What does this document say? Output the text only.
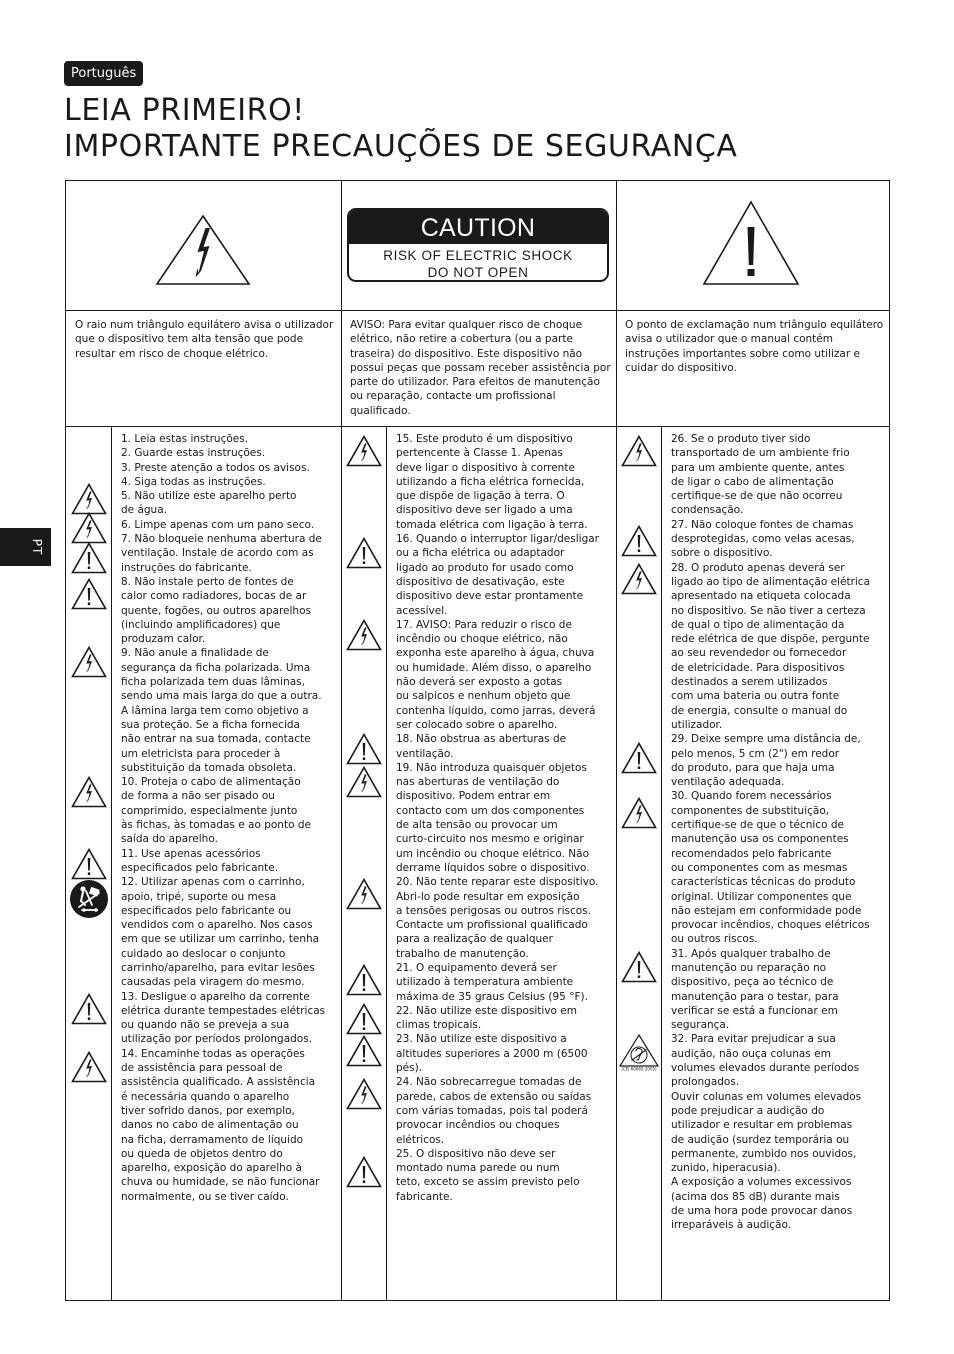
Português
LEIA PRIMEIRO!
IMPORTANTE PRECAUÇÕES DE SEGURANÇA
PT
CAUTION
RISK OF ELECTRIC SHOCK
DO NOT OPEN

O raio num triângulo equilátero avisa o utilizador que o dispositivo tem alta tensão que pode resultar em risco de choque elétrico.

AVISO: Para evitar qualquer risco de choque elétrico, não retire a cobertura (ou a parte traseira) do dispositivo. Este dispositivo não possui peças que possam receber assistência por parte do utilizador. Para efeitos de manutenção ou reparação, contacte um profissional qualificado.

O ponto de exclamação num triângulo equilátero avisa o utilizador que o manual contém instruções importantes sobre como utilizar e cuidar do dispositivo.

1. Leia estas instruções.
2. Guarde estas instruções.
3. Preste atenção a todos os avisos.
4. Siga todas as instruções.
5. Não utilize este aparelho perto
de água.
6. Limpe apenas com um pano seco.
7. Não bloqueie nenhuma abertura de
ventilação. Instale de acordo com as
instruções do fabricante.
8. Não instale perto de fontes de
calor como radiadores, bocas de ar
quente, fogões, ou outros aparelhos
(incluindo amplificadores) que
produzam calor.
9. Não anule a finalidade de
segurança da ficha polarizada. Uma
ficha polarizada tem duas lâminas,
sendo uma mais larga do que a outra.
A lâmina larga tem como objetivo a
sua proteção. Se a ficha fornecida
não entrar na sua tomada, contacte
um eletricista para proceder à
substituição da tomada obsoleta.
10. Proteja o cabo de alimentação
de forma a não ser pisado ou
comprimido, especialmente junto
às fichas, às tomadas e ao ponto de
saída do aparelho.
11. Use apenas acessórios
especificados pelo fabricante.
12. Utilizar apenas com o carrinho,
apoio, tripé, suporte ou mesa
especificados pelo fabricante ou
vendidos com o aparelho. Nos casos
em que se utilizar um carrinho, tenha
cuidado ao deslocar o conjunto
carrinho/aparelho, para evitar lesões
causadas pela viragem do mesmo.
13. Desligue o aparelho da corrente
elétrica durante tempestades elétricas
ou quando não se preveja a sua
utilização por períodos prolongados.
14. Encaminhe todas as operações
de assistência para pessoal de
assistência qualificado. A assistência
é necessária quando o aparelho
tiver sofrido danos, por exemplo,
danos no cabo de alimentação ou
na ficha, derramamento de líquido
ou queda de objetos dentro do
aparelho, exposição do aparelho à
chuva ou humidade, se não funcionar
normalmente, ou se tiver caído.

15. Este produto é um dispositivo
pertencente à Classe 1. Apenas
deve ligar o dispositivo à corrente
utilizando a ficha elétrica fornecida,
que dispõe de ligação à terra. O
dispositivo deve ser ligado a uma
tomada elétrica com ligação à terra.
16. Quando o interruptor ligar/desligar
ou a ficha elétrica ou adaptador
ligado ao produto for usado como
dispositivo de desativação, este
dispositivo deve estar prontamente
acessível.
17. AVISO: Para reduzir o risco de
incêndio ou choque elétrico, não
exponha este aparelho à água, chuva
ou humidade. Além disso, o aparelho
não deverá ser exposto a gotas
ou salpicos e nenhum objeto que
contenha líquido, como jarras, deverá
ser colocado sobre o aparelho.
18. Não obstrua as aberturas de
ventilação.
19. Não introduza quaisquer objetos
nas aberturas de ventilação do
dispositivo. Podem entrar em
contacto com um dos componentes
de alta tensão ou provocar um
curto-circuito nos mesmo e originar
um incêndio ou choque elétrico. Não
derrame líquidos sobre o dispositivo.
20. Não tente reparar este dispositivo.
Abri-lo pode resultar em exposição
a tensões perigosas ou outros riscos.
Contacte um profissional qualificado
para a realização de qualquer
trabalho de manutenção.
21. O equipamento deverá ser
utilizado à temperatura ambiente
máxima de 35 graus Celsius (95 °F).
22. Não utilize este dispositivo em
climas tropicais.
23. Não utilize este dispositivo a
altitudes superiores a 2000 m (6500
pés).
24. Não sobrecarregue tomadas de
parede, cabos de extensão ou saídas
com várias tomadas, pois tal poderá
provocar incêndios ou choques
elétricos.
25. O dispositivo não deve ser
montado numa parede ou num
teto, exceto se assim previsto pelo
fabricante.

26. Se o produto tiver sido
transportado de um ambiente frio
para um ambiente quente, antes
de ligar o cabo de alimentação
certifique-se de que não ocorreu
condensação.
27. Não coloque fontes de chamas
desprotegidas, como velas acesas,
sobre o dispositivo.
28. O produto apenas deverá ser
ligado ao tipo de alimentação elétrica
apresentado na etiqueta colocada
no dispositivo. Se não tiver a certeza
de qual o tipo de alimentação da
rede elétrica de que dispõe, pergunte
ao seu revendedor ou fornecedor
de eletricidade. Para dispositivos
destinados a serem utilizados
com uma bateria ou outra fonte
de energia, consulte o manual do
utilizador.
29. Deixe sempre uma distância de,
pelo menos, 5 cm (2") em redor
do produto, para que haja uma
ventilação adequada.
30. Quando forem necessários
componentes de substituição,
certifique-se de que o técnico de
manutenção usa os componentes
recomendados pelo fabricante
ou componentes com as mesmas
características técnicas do produto
original. Utilizar componentes que
não estejam em conformidade pode
provocar incêndios, choques elétricos
ou outros riscos.
31. Após qualquer trabalho de
manutenção ou reparação no
dispositivo, peça ao técnico de
manutenção para o testar, para
verificar se está a funcionar em
segurança.
32. Para evitar prejudicar a sua
audição, não ouça colunas em
volumes elevados durante períodos
prolongados.
Ouvir colunas em volumes elevados
pode prejudicar a audição do
utilizador e resultar em problemas
de audição (surdez temporária ou
permanente, zumbido nos ouvidos,
zunido, hiperacusia).
A exposição a volumes excessivos
(acima dos 85 dB) durante mais
de uma hora pode provocar danos
irreparáveis à audição.

(CEI 60065-2005)
